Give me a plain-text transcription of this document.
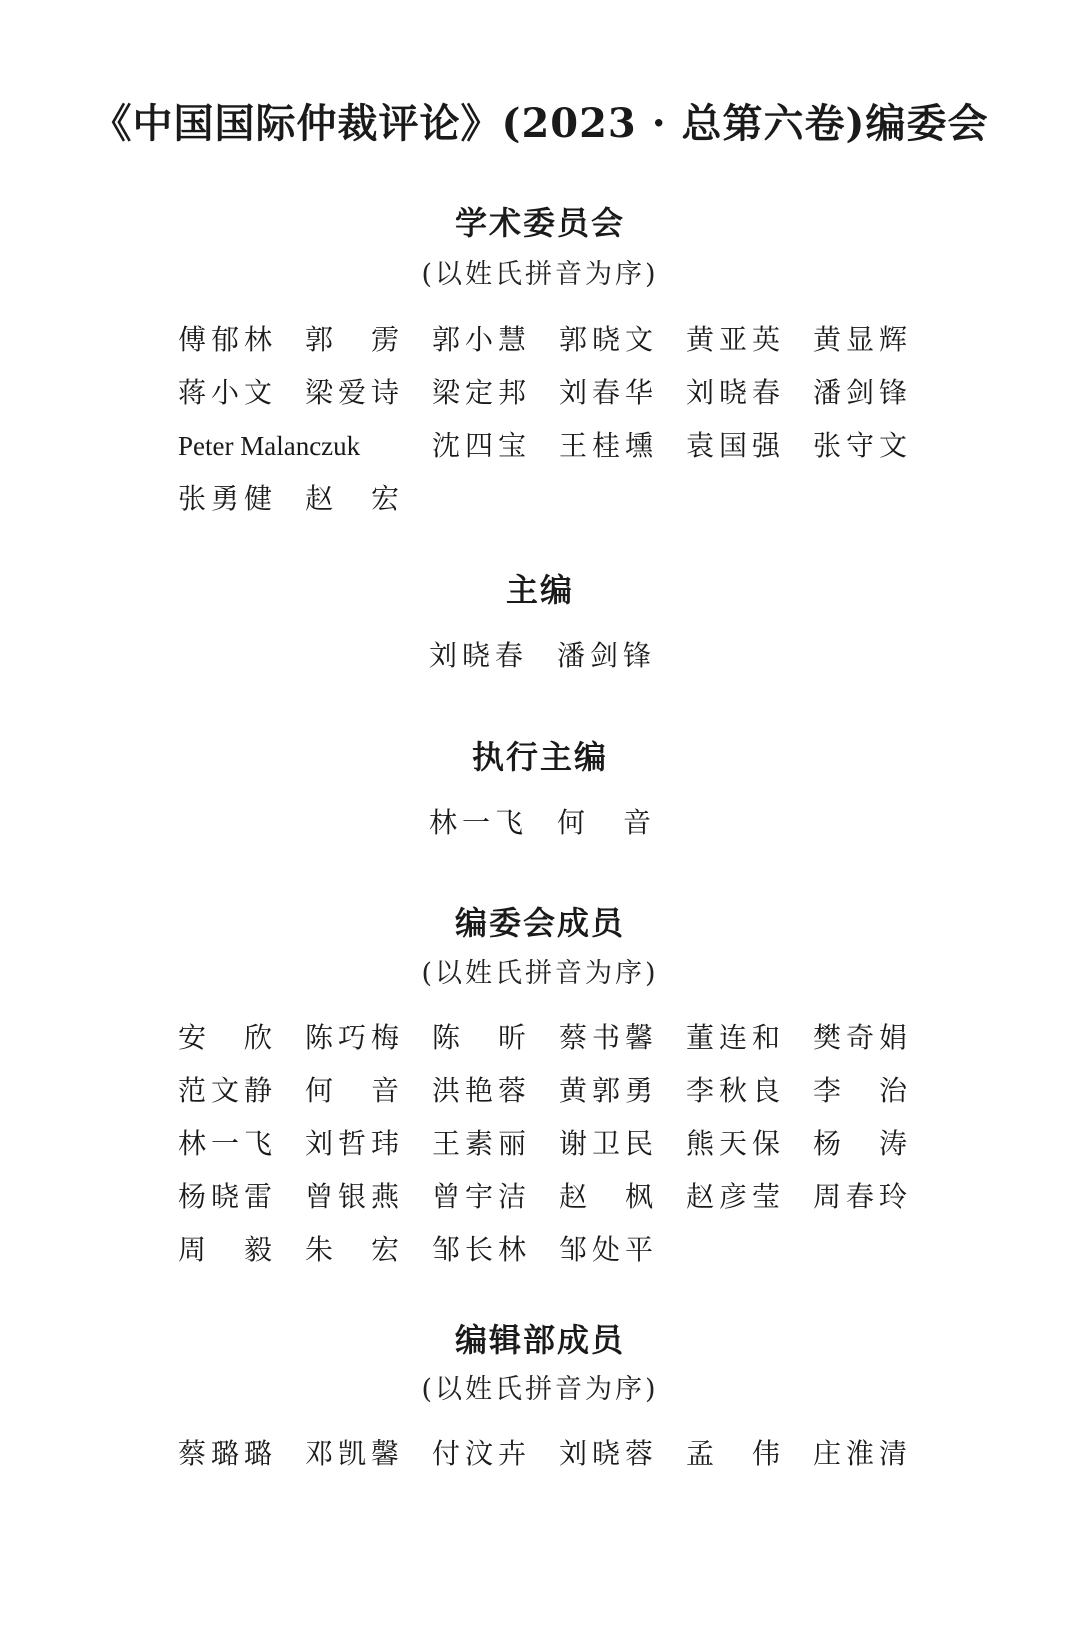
《中国国际仲裁评论》(2023 · 总第六卷)编委会
学术委员会
(以姓氏拼音为序)
傅郁林 郭　雳 郭小慧 郭晓文 黄亚英 黄显辉
蒋小文 梁爱诗 梁定邦 刘春华 刘晓春 潘剑锋
Peter Malanczuk	沈四宝 王桂壎 袁国强 张守文
张勇健 赵　宏
主编
刘晓春 潘剑锋
执行主编
林一飞 何　音
编委会成员
(以姓氏拼音为序)
安　欣 陈巧梅 陈　昕 蔡书馨 董连和 樊奇娟
范文静 何　音 洪艳蓉 黄郭勇 李秋良 李　治
林一飞 刘哲玮 王素丽 谢卫民 熊天保 杨　涛
杨晓雷 曾银燕 曾宇洁 赵　枫 赵彦莹 周春玲
周　毅 朱　宏 邹长林 邹处平
编辑部成员
(以姓氏拼音为序)
蔡璐璐 邓凯馨 付汶卉 刘晓蓉 孟　伟 庄淮清
